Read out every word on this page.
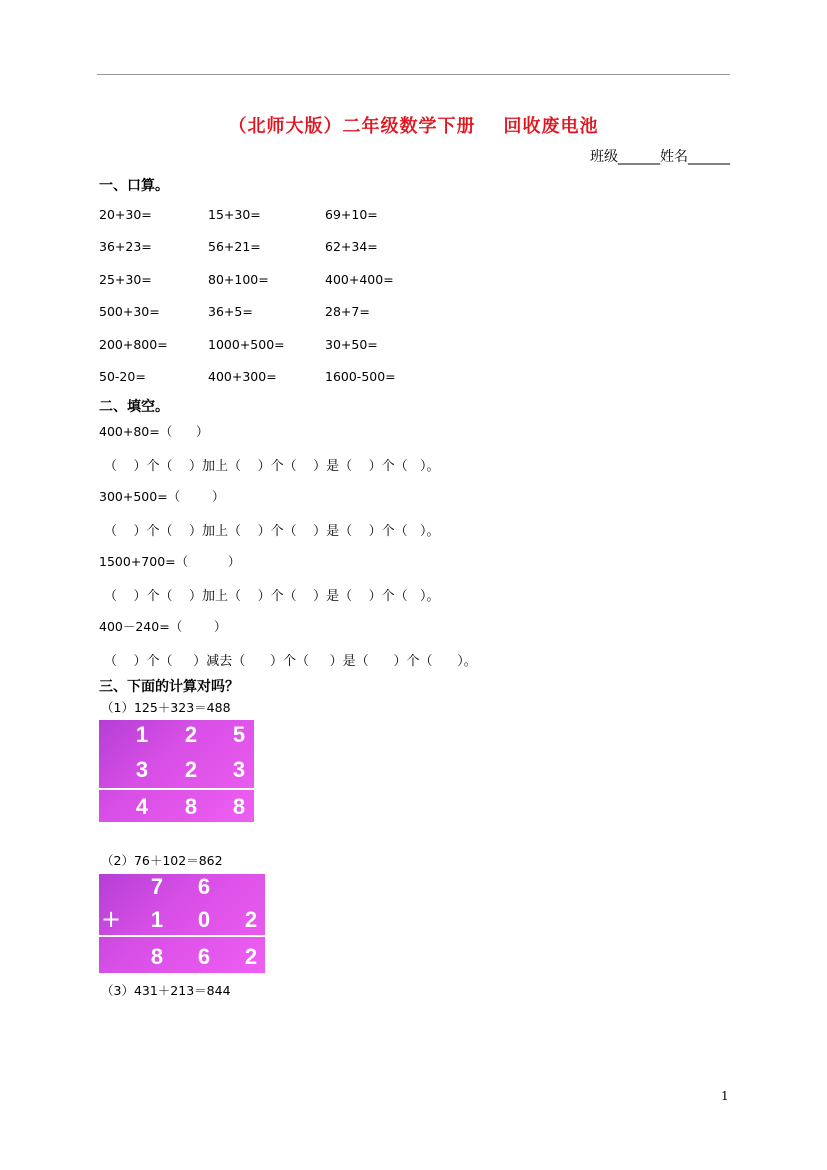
（北师大版）二年级数学下册 回收废电池
班级______姓名______
一、口算。
20+30=	15+30=	69+10=
36+23=	56+21=	62+34=
25+30=	80+100=	400+400=
500+30=	36+5=	28+7=
200+800=	1000+500=	30+50=
50-20=	400+300=	1600-500=
二、填空。
400+80=（      ）
（    ）个（    ）加上（    ）个（    ）是（    ）个（   ）。
300+500=（        ）
（    ）个（    ）加上（    ）个（    ）是（    ）个（   ）。
1500+700=（          ）
（    ）个（    ）加上（    ）个（    ）是（    ）个（   ）。
400－240=（        ）
（    ）个（     ）减去（      ）个（     ）是（      ）个（      ）。
三、下面的计算对吗？
（1）125＋323＝488
1 2 5
3 2 3
4 8 8
（2）76＋102＝862
7 6
+ 1 0 2
8 6 2
（3）431＋213＝844
1
